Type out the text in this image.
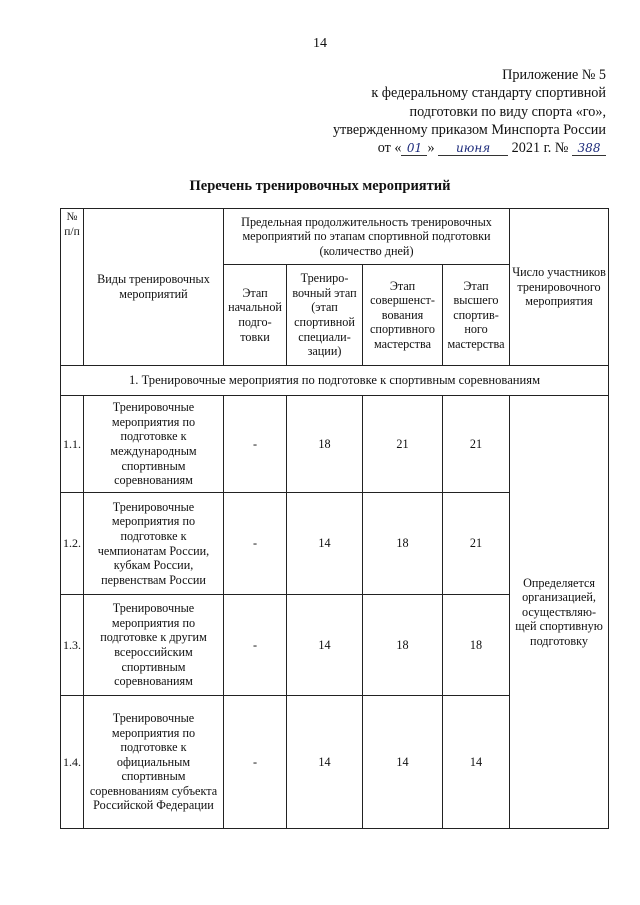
14
Приложение № 5
к федеральному стандарту спортивной
подготовки по виду спорта «го»,
утвержденному приказом Минспорта России
от « 01 » июня 2021 г. № 388
Перечень тренировочных мероприятий
№ п/п	Виды тренировочных мероприятий	Предельная продолжительность тренировочных мероприятий по этапам спортивной подготовки (количество дней)				Число участников тренировочного мероприятия
		Этап начальной подго-товки	Трениро-вочный этап (этап спортивной специали-зации)	Этап совершенст-вования спортивного мастерства	Этап высшего спортив-ного мастерства	
1. Тренировочные мероприятия по подготовке к спортивным соревнованиям						
1.1.	Тренировочные мероприятия по подготовке к международным спортивным соревнованиям	-	18	21	21	Определяется организацией, осуществляю-щей спортивную подготовку
1.2.	Тренировочные мероприятия по подготовке к чемпионатам России, кубкам России, первенствам России	-	14	18	21	
1.3.	Тренировочные мероприятия по подготовке к другим всероссийским спортивным соревнованиям	-	14	18	18	
1.4.	Тренировочные мероприятия по подготовке к официальным спортивным соревнованиям субъекта Российской Федерации	-	14	14	14	
